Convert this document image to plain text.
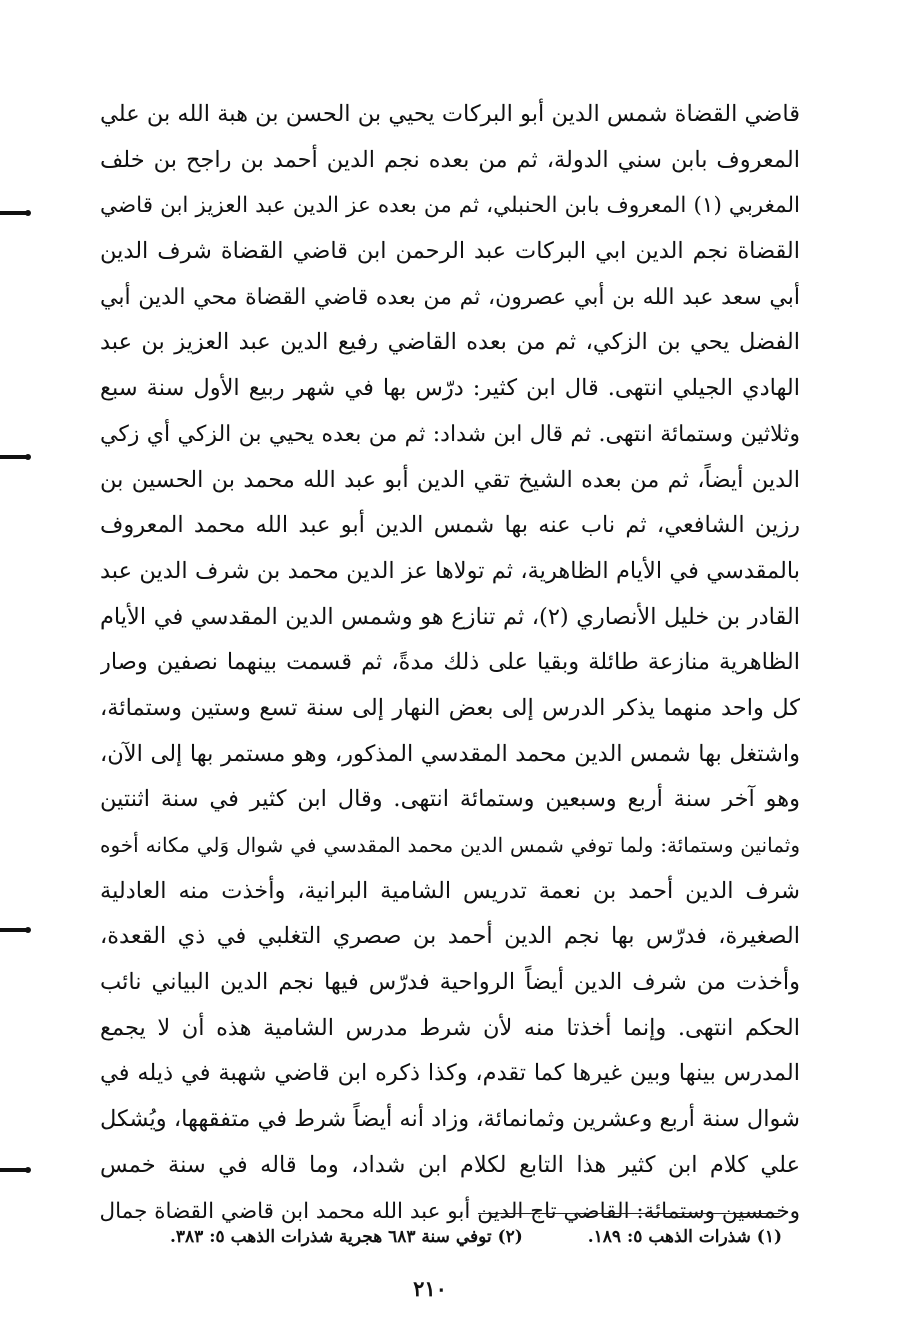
قاضي القضاة شمس الدين أبو البركات يحيي بن الحسن بن هبة الله بن علي
المعروف بابن سني الدولة، ثم من بعده نجم الدين أحمد بن راجح بن خلف
المغربي (١) المعروف بابن الحنبلي، ثم من بعده عز الدين عبد العزيز ابن قاضي
القضاة نجم الدين ابي البركات عبد الرحمن ابن قاضي القضاة شرف الدين
أبي سعد عبد الله بن أبي عصرون، ثم من بعده قاضي القضاة محي الدين أبي
الفضل يحي بن الزكي، ثم من بعده القاضي رفيع الدين عبد العزيز بن عبد
الهادي الجيلي انتهى. قال ابن كثير: درّس بها في شهر ربيع الأول سنة سبع
وثلاثين وستمائة انتهى. ثم قال ابن شداد: ثم من بعده يحيي بن الزكي أي زكي
الدين أيضاً، ثم من بعده الشيخ تقي الدين أبو عبد الله محمد بن الحسين بن
رزين الشافعي، ثم ناب عنه بها شمس الدين أبو عبد الله محمد المعروف
بالمقدسي في الأيام الظاهرية، ثم تولاها عز الدين محمد بن شرف الدين عبد
القادر بن خليل الأنصاري (٢)، ثم تنازع هو وشمس الدين المقدسي في الأيام
الظاهرية منازعة طائلة وبقيا على ذلك مدةً، ثم قسمت بينهما نصفين وصار
كل واحد منهما يذكر الدرس إلى بعض النهار إلى سنة تسع وستين وستمائة،
واشتغل بها شمس الدين محمد المقدسي المذكور، وهو مستمر بها إلى الآن،
وهو آخر سنة أربع وسبعين وستمائة انتهى. وقال ابن كثير في سنة اثنتين
وثمانين وستمائة: ولما توفي شمس الدين محمد المقدسي في شوال وَلي مكانه أخوه
شرف الدين أحمد بن نعمة تدريس الشامية البرانية، وأخذت منه العادلية
الصغيرة، فدرّس بها نجم الدين أحمد بن صصري التغلبي في ذي القعدة،
وأخذت من شرف الدين أيضاً الرواحية فدرّس فيها نجم الدين البياني نائب
الحكم انتهى. وإنما أخذتا منه لأن شرط مدرس الشامية هذه أن لا يجمع
المدرس بينها وبين غيرها كما تقدم، وكذا ذكره ابن قاضي شهبة في ذيله في
شوال سنة أربع وعشرين وثمانمائة، وزاد أنه أيضاً شرط في متفقهها، ويُشكل
علي كلام ابن كثير هذا التابع لكلام ابن شداد، وما قاله في سنة خمس
وخمسين وستمائة: القاضي تاج الدين أبو عبد الله محمد ابن قاضي القضاة جمال
(١) شذرات الذهب ٥: ١٨٩.
(٢) توفي سنة ٦٨٣ هجرية شذرات الذهب ٥: ٣٨٣.
٢١٠
